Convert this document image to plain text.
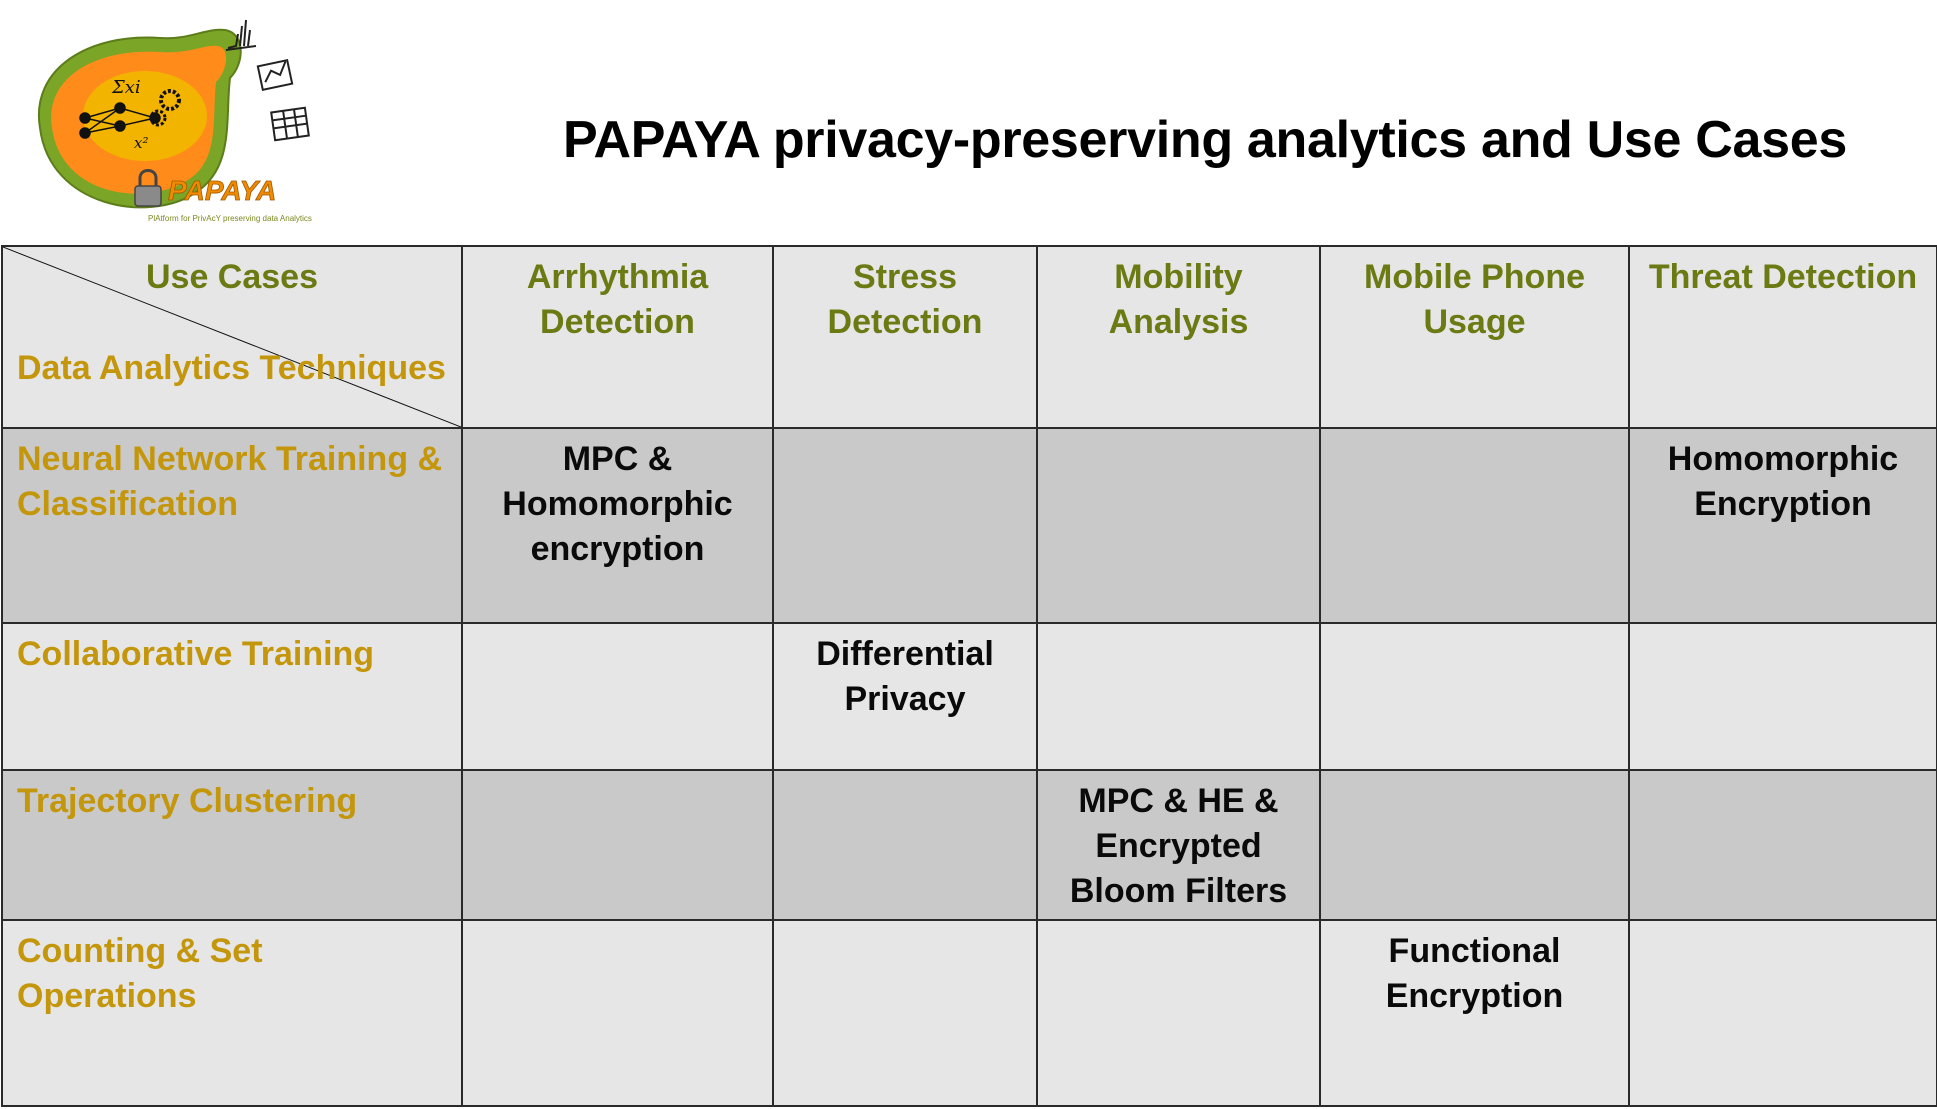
Σxi
x²
PAPAYA
PlAtform for PrivAcY preserving data Analytics
PAPAYA privacy-preserving analytics and Use Cases
Use Cases
Data Analytics Techniques	Arrhythmia Detection	Stress Detection	Mobility Analysis	Mobile Phone Usage	Threat Detection
Neural Network Training & Classification	MPC & Homomorphic encryption				Homomorphic Encryption
Collaborative Training		Differential Privacy			
Trajectory Clustering			MPC & HE & Encrypted Bloom Filters		
Counting & Set Operations				Functional Encryption	
